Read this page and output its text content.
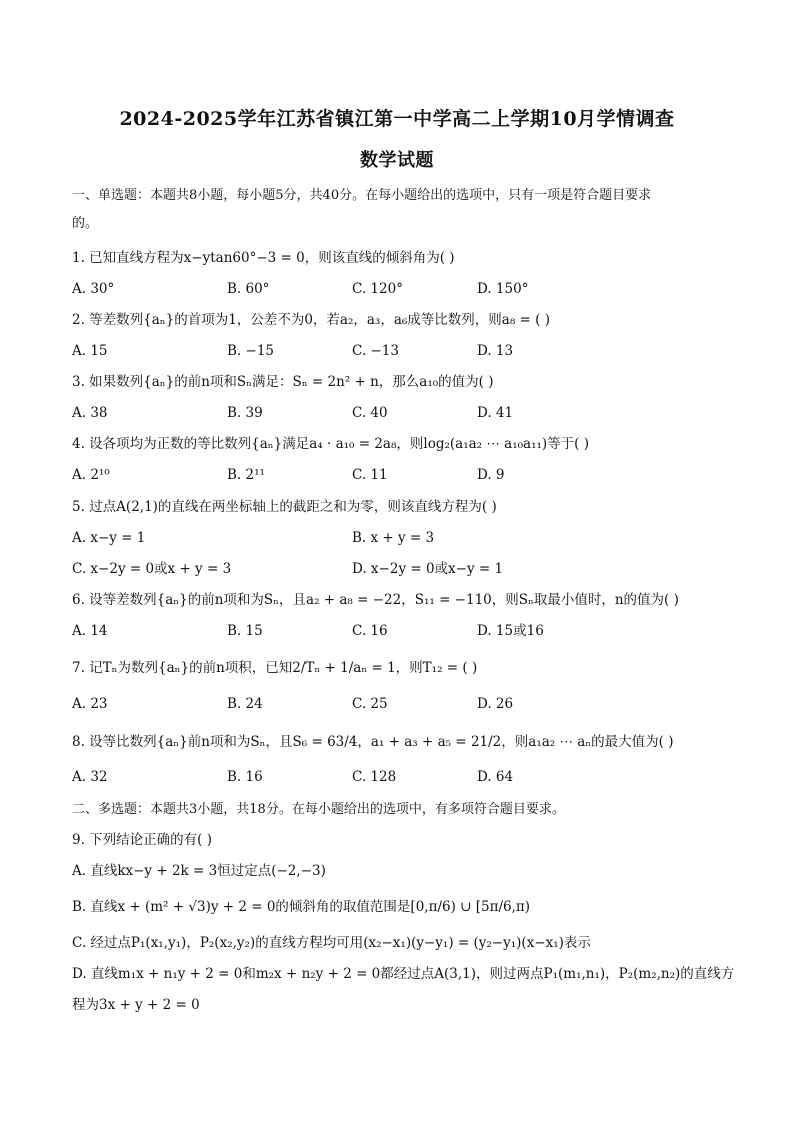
2024-2025学年江苏省镇江第一中学高二上学期10月学情调查
数学试题
一、单选题：本题共8小题，每小题5分，共40分。在每小题给出的选项中，只有一项是符合题目要求
的。
1. 已知直线方程为x−ytan60°−3 = 0，则该直线的倾斜角为( )
A. 30°	B. 60°	C. 120°	D. 150°
2. 等差数列{aₙ}的首项为1，公差不为0，若a₂，a₃，a₆成等比数列，则a₈ = ( )
A. 15	B. −15	C. −13	D. 13
3. 如果数列{aₙ}的前n项和Sₙ满足：Sₙ = 2n² + n，那么a₁₀的值为( )
A. 38	B. 39	C. 40	D. 41
4. 设各项均为正数的等比数列{aₙ}满足a₄ · a₁₀ = 2a₈，则log₂(a₁a₂ ⋯ a₁₀a₁₁)等于( )
A. 2¹⁰	B. 2¹¹	C. 11	D. 9
5. 过点A(2,1)的直线在两坐标轴上的截距之和为零，则该直线方程为( )
A. x−y = 1	B. x + y = 3
C. x−2y = 0或x + y = 3	D. x−2y = 0或x−y = 1
6. 设等差数列{aₙ}的前n项和为Sₙ，且a₂ + a₈ = −22，S₁₁ = −110，则Sₙ取最小值时，n的值为( )
A. 14	B. 15	C. 16	D. 15或16
7. 记Tₙ为数列{aₙ}的前n项积，已知2/Tₙ + 1/aₙ = 1，则T₁₂ = ( )
A. 23	B. 24	C. 25	D. 26
8. 设等比数列{aₙ}前n项和为Sₙ，且S₆ = 63/4，a₁ + a₃ + a₅ = 21/2，则a₁a₂ ⋯ aₙ的最大值为( )
A. 32	B. 16	C. 128	D. 64
二、多选题：本题共3小题，共18分。在每小题给出的选项中，有多项符合题目要求。
9. 下列结论正确的有( )
A. 直线kx−y + 2k = 3恒过定点(−2,−3)
B. 直线x + (m² + √3)y + 2 = 0的倾斜角的取值范围是[0,π/6) ∪ [5π/6,π)
C. 经过点P₁(x₁,y₁)，P₂(x₂,y₂)的直线方程均可用(x₂−x₁)(y−y₁) = (y₂−y₁)(x−x₁)表示
D. 直线m₁x + n₁y + 2 = 0和m₂x + n₂y + 2 = 0都经过点A(3,1)，则过两点P₁(m₁,n₁)，P₂(m₂,n₂)的直线方
程为3x + y + 2 = 0
